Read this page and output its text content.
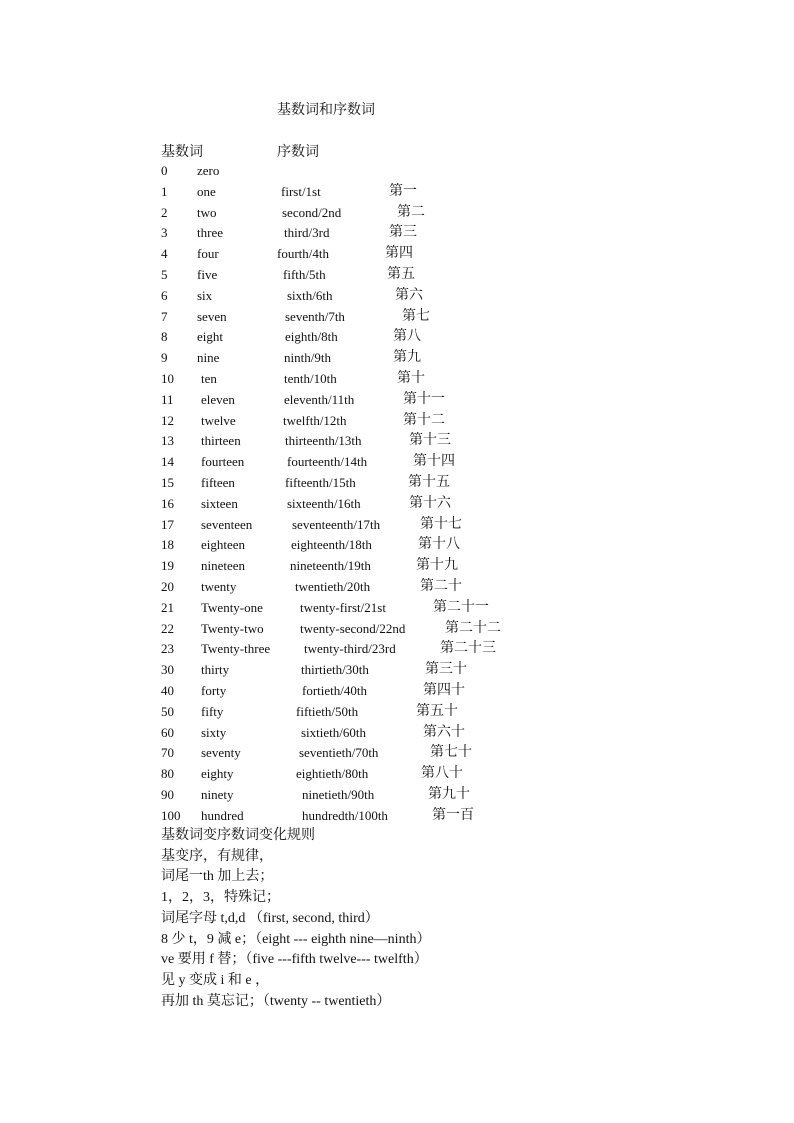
基数词和序数词
基数词	序数词
0 zero
1 one	first/1st	第一
2 two	second/2nd	第二
3 three	third/3rd	第三
4 four	fourth/4th	第四
5 five	fifth/5th	第五
6 six	sixth/6th	第六
7 seven	seventh/7th	第七
8 eight	eighth/8th	第八
9 nine	ninth/9th	第九
10 ten	tenth/10th	第十
11 eleven	eleventh/11th	第十一
12 twelve	twelfth/12th	第十二
13 thirteen	thirteenth/13th	第十三
14 fourteen	fourteenth/14th	第十四
15 fifteen	fifteenth/15th	第十五
16 sixteen	sixteenth/16th	第十六
17 seventeen	seventeenth/17th	第十七
18 eighteen	eighteenth/18th	第十八
19 nineteen	nineteenth/19th	第十九
20 twenty	twentieth/20th	第二十
21 Twenty-one	twenty-first/21st	第二十一
22 Twenty-two	twenty-second/22nd	第二十二
23 Twenty-three	twenty-third/23rd	第二十三
30 thirty	thirtieth/30th	第三十
40 forty	fortieth/40th	第四十
50 fifty	fiftieth/50th	第五十
60 sixty	sixtieth/60th	第六十
70 seventy	seventieth/70th	第七十
80 eighty	eightieth/80th	第八十
90 ninety	ninetieth/90th	第九十
100 hundred	hundredth/100th	第一百
基数词变序数词变化规则
基变序，有规律，
词尾一th 加上去；
1，2，3，特殊记；
词尾字母 t,d,d （first, second, third）
8 少 t，9 减 e；（eight --- eighth nine—ninth）
ve 要用 f 替；（five ---fifth twelve--- twelfth）
见 y 变成 i 和 e ，
再加 th 莫忘记；（twenty -- twentieth）
